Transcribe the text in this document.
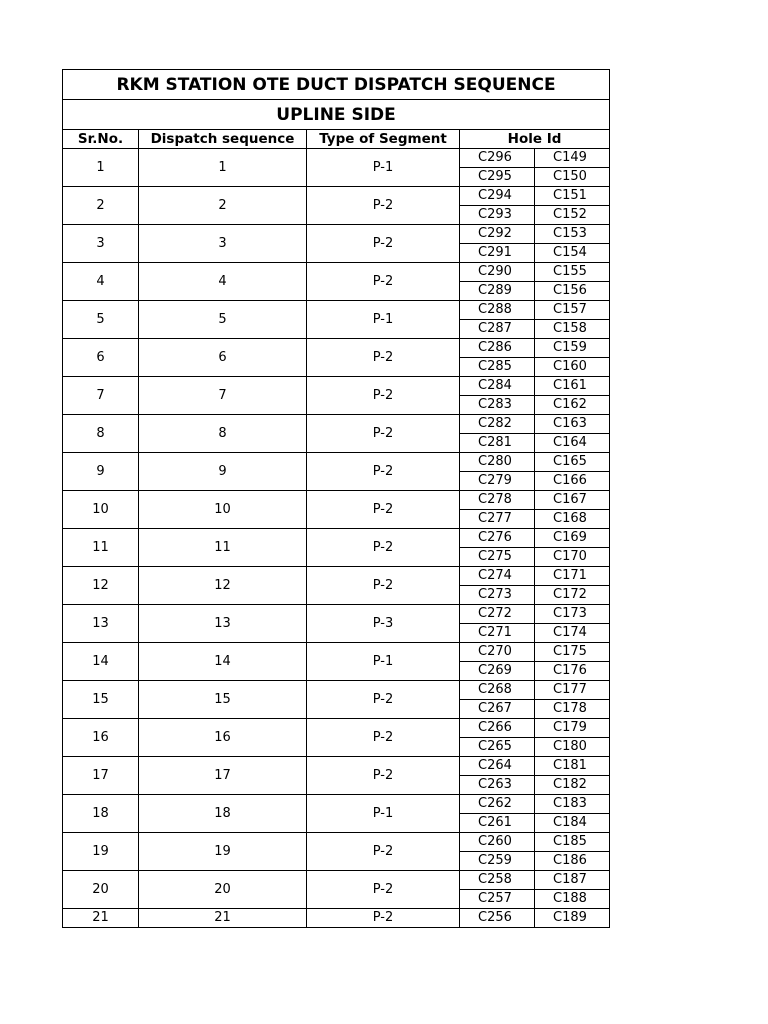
RKM STATION OTE DUCT DISPATCH SEQUENCE				
UPLINE SIDE				
Sr.No.	Dispatch sequence	Type of Segment	Hole Id	
1	1	P-1	C296	C149
			C295	C150
2	2	P-2	C294	C151
			C293	C152
3	3	P-2	C292	C153
			C291	C154
4	4	P-2	C290	C155
			C289	C156
5	5	P-1	C288	C157
			C287	C158
6	6	P-2	C286	C159
			C285	C160
7	7	P-2	C284	C161
			C283	C162
8	8	P-2	C282	C163
			C281	C164
9	9	P-2	C280	C165
			C279	C166
10	10	P-2	C278	C167
			C277	C168
11	11	P-2	C276	C169
			C275	C170
12	12	P-2	C274	C171
			C273	C172
13	13	P-3	C272	C173
			C271	C174
14	14	P-1	C270	C175
			C269	C176
15	15	P-2	C268	C177
			C267	C178
16	16	P-2	C266	C179
			C265	C180
17	17	P-2	C264	C181
			C263	C182
18	18	P-1	C262	C183
			C261	C184
19	19	P-2	C260	C185
			C259	C186
20	20	P-2	C258	C187
			C257	C188
21	21	P-2	C256	C189
